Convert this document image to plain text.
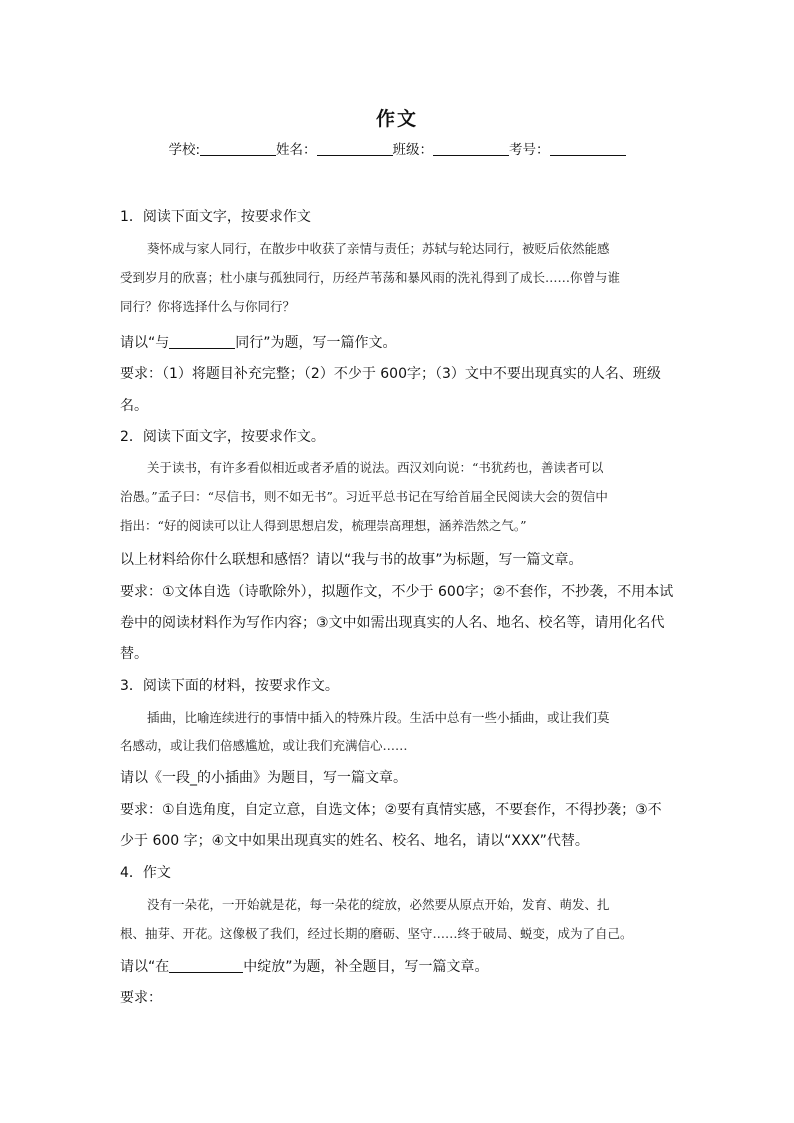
作文
学校:	姓名：	班级：	考号：
1．阅读下面文字，按要求作文
葵怀成与家人同行，在散步中收获了亲情与责任；苏轼与轮达同行，被贬后依然能感
受到岁月的欣喜；杜小康与孤独同行，历经芦苇荡和暴风雨的洗礼得到了成长……你曾与谁
同行？你将选择什么与你同行？
请以“与	同行”为题，写一篇作文。
要求：（1）将题目补充完整；（2）不少于 600字；（3）文中不要出现真实的人名、班级
名。
2．阅读下面文字，按要求作文。
关于读书，有许多看似相近或者矛盾的说法。西汉刘向说：“书犹药也，善读者可以
治愚。”孟子曰：“尽信书，则不如无书”。习近平总书记在写给首届全民阅读大会的贺信中
指出：“好的阅读可以让人得到思想启发，梳理崇高理想，涵养浩然之气。”
以上材料给你什么联想和感悟？请以“我与书的故事”为标题，写一篇文章。
要求：①文体自选（诗歌除外），拟题作文，不少于 600字；②不套作，不抄袭，不用本试
卷中的阅读材料作为写作内容；③文中如需出现真实的人名、地名、校名等，请用化名代
替。
3．阅读下面的材料，按要求作文。
插曲，比喻连续进行的事情中插入的特殊片段。生活中总有一些小插曲，或让我们莫
名感动，或让我们倍感尴尬，或让我们充满信心……
请以《一段_的小插曲》为题目，写一篇文章。
要求：①自选角度，自定立意，自选文体；②要有真情实感，不要套作，不得抄袭；③不
少于 600 字；④文中如果出现真实的姓名、校名、地名，请以“XXX”代替。
4．作文
没有一朵花，一开始就是花，每一朵花的绽放，必然要从原点开始，发育、萌发、扎
根、抽芽、开花。这像极了我们，经过长期的磨砺、坚守……终于破局、蜕变，成为了自己。
请以“在	中绽放”为题，补全题目，写一篇文章。
要求：
